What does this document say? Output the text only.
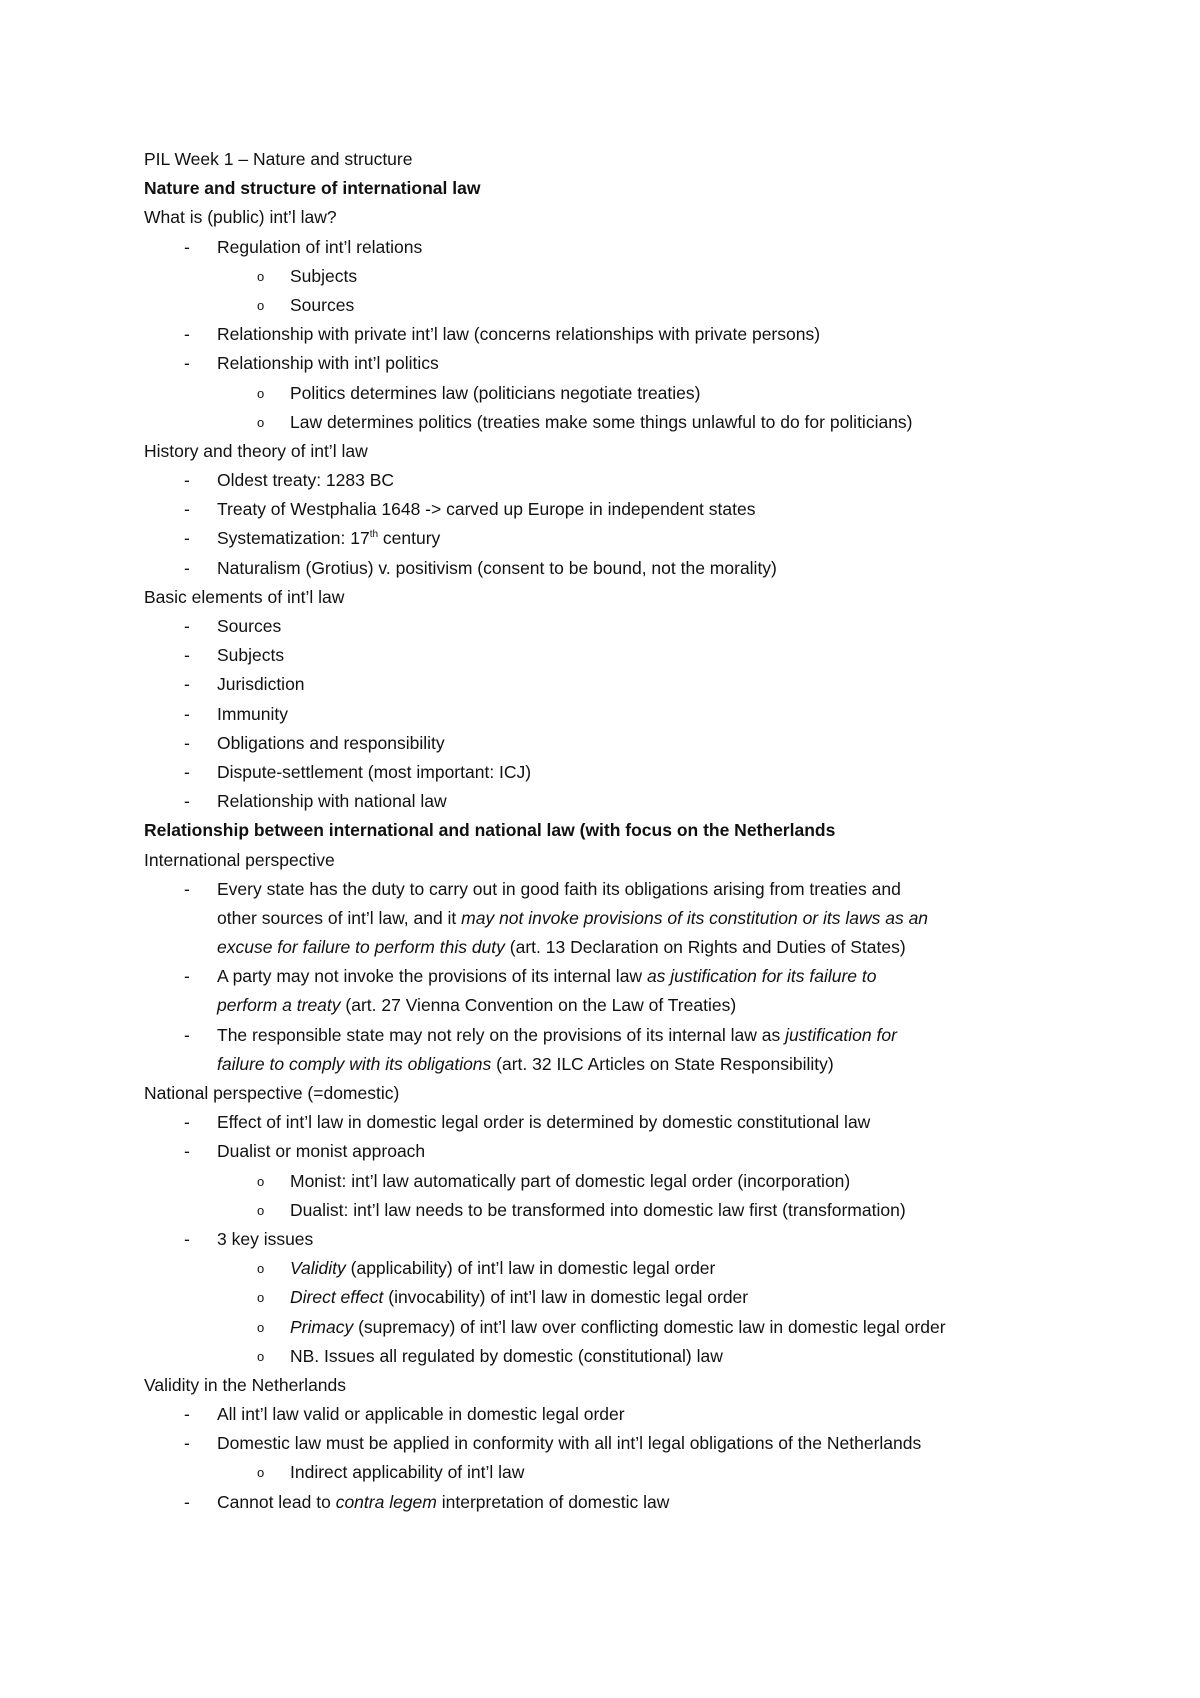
PIL Week 1 – Nature and structure
Nature and structure of international law
What is (public) int’l law?
- Regulation of int’l relations
o Subjects
o Sources
- Relationship with private int’l law (concerns relationships with private persons)
- Relationship with int’l politics
o Politics determines law (politicians negotiate treaties)
o Law determines politics (treaties make some things unlawful to do for politicians)
History and theory of int’l law
- Oldest treaty: 1283 BC
- Treaty of Westphalia 1648 -> carved up Europe in independent states
- Systematization: 17th century
- Naturalism (Grotius) v. positivism (consent to be bound, not the morality)
Basic elements of int’l law
- Sources
- Subjects
- Jurisdiction
- Immunity
- Obligations and responsibility
- Dispute-settlement (most important: ICJ)
- Relationship with national law
Relationship between international and national law (with focus on the Netherlands
International perspective
- Every state has the duty to carry out in good faith its obligations arising from treaties and
other sources of int’l law, and it may not invoke provisions of its constitution or its laws as an
excuse for failure to perform this duty (art. 13 Declaration on Rights and Duties of States)
- A party may not invoke the provisions of its internal law as justification for its failure to
perform a treaty (art. 27 Vienna Convention on the Law of Treaties)
- The responsible state may not rely on the provisions of its internal law as justification for
failure to comply with its obligations (art. 32 ILC Articles on State Responsibility)
National perspective (=domestic)
- Effect of int’l law in domestic legal order is determined by domestic constitutional law
- Dualist or monist approach
o Monist: int’l law automatically part of domestic legal order (incorporation)
o Dualist: int’l law needs to be transformed into domestic law first (transformation)
- 3 key issues
o Validity (applicability) of int’l law in domestic legal order
o Direct effect (invocability) of int’l law in domestic legal order
o Primacy (supremacy) of int’l law over conflicting domestic law in domestic legal order
o NB. Issues all regulated by domestic (constitutional) law
Validity in the Netherlands
- All int’l law valid or applicable in domestic legal order
- Domestic law must be applied in conformity with all int’l legal obligations of the Netherlands
o Indirect applicability of int’l law
- Cannot lead to contra legem interpretation of domestic law
